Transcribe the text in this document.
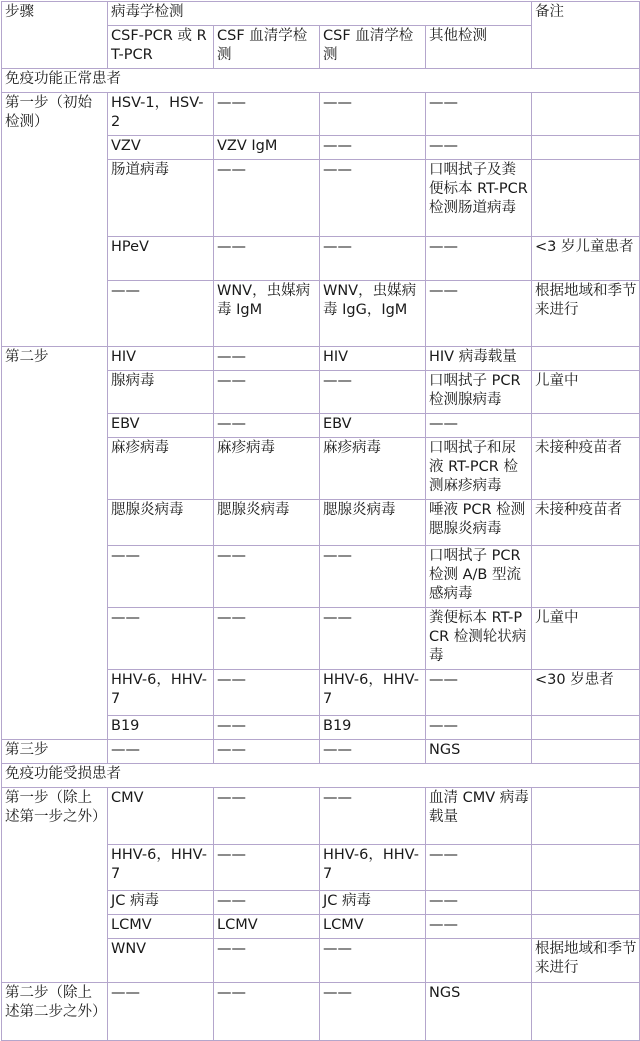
步骤	病毒学检测				备注
	CSF-PCR 或 RT-PCR	CSF 血清学检测	CSF 血清学检测	其他检测	
免疫功能正常患者					
第一步（初始检测）	HSV-1，HSV-2	——	——	——	
	VZV	VZV IgM	——	——	
	肠道病毒	——	——	口咽拭子及粪便标本 RT-PCR 检测肠道病毒	
	HPeV	——	——	——	<3 岁儿童患者
	——	WNV，虫媒病毒 IgM	WNV，虫媒病毒 IgG，IgM	——	根据地域和季节来进行
第二步	HIV	——	HIV	HIV 病毒载量	
	腺病毒	——	——	口咽拭子 PCR 检测腺病毒	儿童中
	EBV	——	EBV	——	
	麻疹病毒	麻疹病毒	麻疹病毒	口咽拭子和尿液 RT-PCR 检测麻疹病毒	未接种疫苗者
	腮腺炎病毒	腮腺炎病毒	腮腺炎病毒	唾液 PCR 检测腮腺炎病毒	未接种疫苗者
	——	——	——	口咽拭子 PCR 检测 A/B 型流感病毒	
	——	——	——	粪便标本 RT-PCR 检测轮状病毒	儿童中
	HHV-6，HHV-7	——	HHV-6，HHV-7	——	<30 岁患者
	B19	——	B19	——	
第三步	——	——	——	NGS	
免疫功能受损患者					
第一步（除上述第一步之外）	CMV	——	——	血清 CMV 病毒载量	
	HHV-6，HHV-7	——	HHV-6，HHV-7	——	
	JC 病毒	——	JC 病毒	——	
	LCMV	LCMV	LCMV	——	
	WNV	——	——		根据地域和季节来进行
第二步（除上述第二步之外）	——	——	——	NGS	
